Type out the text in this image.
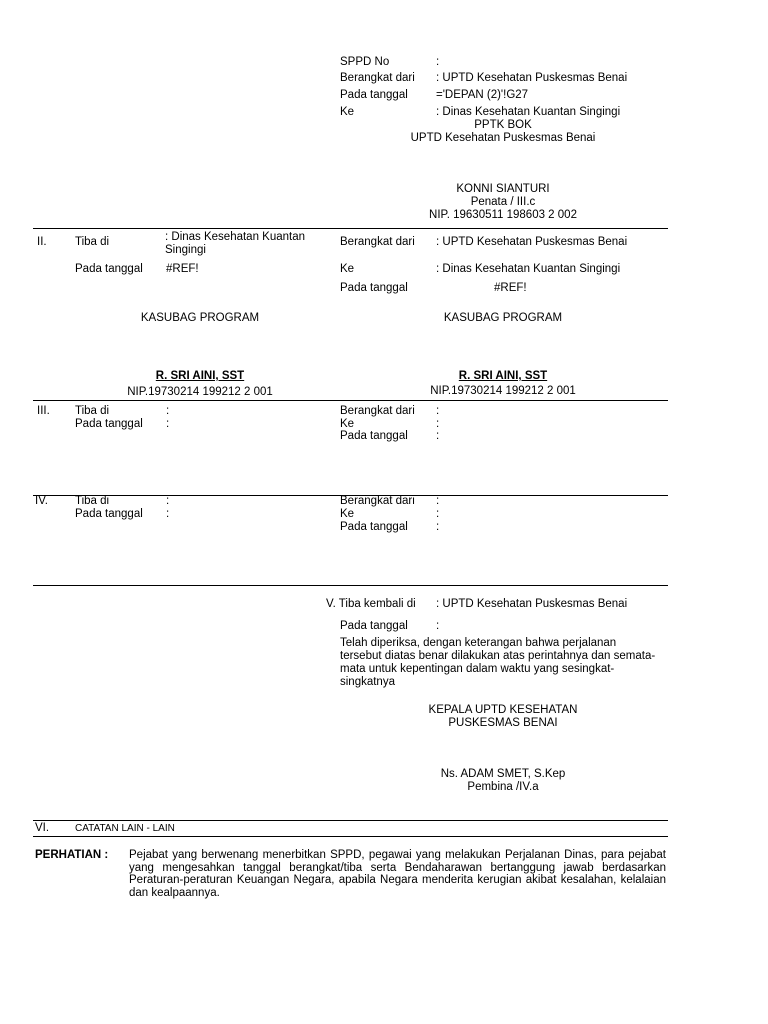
SPPD No	:
Berangkat dari : UPTD Kesehatan Puskesmas Benai
Pada tanggal ='DEPAN (2)'!G27
Ke	: Dinas Kesehatan Kuantan Singingi
PPTK BOK
UPTD Kesehatan Puskesmas Benai
KONNI SIANTURI
Penata / III.c
NIP. 19630511 198603 2 002
II. Tiba di	: Dinas Kesehatan Kuantan Singingi
Pada tanggal #REF!
Berangkat dari : UPTD Kesehatan Puskesmas Benai
Ke	: Dinas Kesehatan Kuantan Singingi
Pada tanggal	#REF!
KASUBAG PROGRAM	KASUBAG PROGRAM
R. SRI AINI, SST	R. SRI AINI, SST
NIP.19730214 199212 2 001	NIP.19730214 199212 2 001
III. Tiba di	:
Pada tanggal :
Berangkat dari :
Ke	:
Pada tanggal :
IV. Tiba di	:
Pada tanggal :
Berangkat dari :
Ke	:
Pada tanggal :
V. Tiba kembali di : UPTD Kesehatan Puskesmas Benai
Pada tanggal :
Telah diperiksa, dengan keterangan bahwa perjalanan tersebut diatas benar dilakukan atas perintahnya dan semata-mata untuk kepentingan dalam waktu yang sesingkat-singkatnya
KEPALA UPTD KESEHATAN
PUSKESMAS BENAI
Ns. ADAM SMET, S.Kep
Pembina /IV.a
VI.	CATATAN LAIN - LAIN
PERHATIAN : Pejabat yang berwenang menerbitkan SPPD, pegawai yang melakukan Perjalanan Dinas, para pejabat yang mengesahkan tanggal berangkat/tiba serta Bendaharawan bertanggung jawab berdasarkan Peraturan-peraturan Keuangan Negara, apabila Negara menderita kerugian akibat kesalahan, kelalaian dan kealpaannya.
